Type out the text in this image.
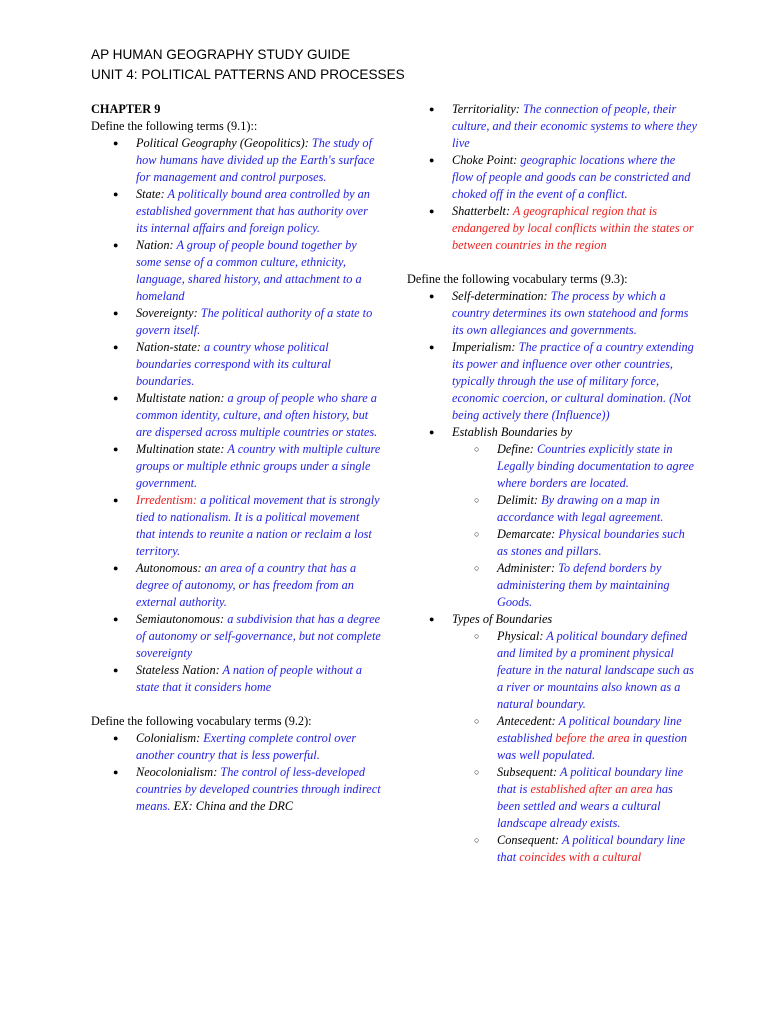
AP HUMAN GEOGRAPHY STUDY GUIDE
UNIT 4: POLITICAL PATTERNS AND PROCESSES
CHAPTER 9
Define the following terms (9.1)::
● Political Geography (Geopolitics): The study of how humans have divided up the Earth's surface for management and control purposes.
● State: A politically bound area controlled by an established government that has authority over its internal affairs and foreign policy.
● Nation: A group of people bound together by some sense of a common culture, ethnicity, language, shared history, and attachment to a homeland
● Sovereignty: The political authority of a state to govern itself.
● Nation-state: a country whose political boundaries correspond with its cultural boundaries.
● Multistate nation: a group of people who share a common identity, culture, and often history, but are dispersed across multiple countries or states.
● Multination state: A country with multiple culture groups or multiple ethnic groups under a single government.
● Irredentism: a political movement that is strongly tied to nationalism. It is a political movement that intends to reunite a nation or reclaim a lost territory.
● Autonomous: an area of a country that has a degree of autonomy, or has freedom from an external authority.
● Semiautonomous: a subdivision that has a degree of autonomy or self-governance, but not complete sovereignty
● Stateless Nation: A nation of people without a state that it considers home
Define the following vocabulary terms (9.2):
● Colonialism: Exerting complete control over another country that is less powerful.
● Neocolonialism: The control of less-developed countries by developed countries through indirect means. EX: China and the DRC
● Territoriality: The connection of people, their culture, and their economic systems to where they live
● Choke Point: geographic locations where the flow of people and goods can be constricted and choked off in the event of a conflict.
● Shatterbelt: A geographical region that is endangered by local conflicts within the states or between countries in the region
Define the following vocabulary terms (9.3):
● Self-determination: The process by which a country determines its own statehood and forms its own allegiances and governments.
● Imperialism: The practice of a country extending its power and influence over other countries, typically through the use of military force, economic coercion, or cultural domination. (Not being actively there (Influence))
● Establish Boundaries by
○ Define: Countries explicitly state in Legally binding documentation to agree where borders are located.
○ Delimit: By drawing on a map in accordance with legal agreement.
○ Demarcate: Physical boundaries such as stones and pillars.
○ Administer: To defend borders by administering them by maintaining Goods.
● Types of Boundaries
○ Physical: A political boundary defined and limited by a prominent physical feature in the natural landscape such as a river or mountains also known as a natural boundary.
○ Antecedent: A political boundary line established before the area in question was well populated.
○ Subsequent: A political boundary line that is established after an area has been settled and wears a cultural landscape already exists.
○ Consequent: A political boundary line that coincides with a cultural
